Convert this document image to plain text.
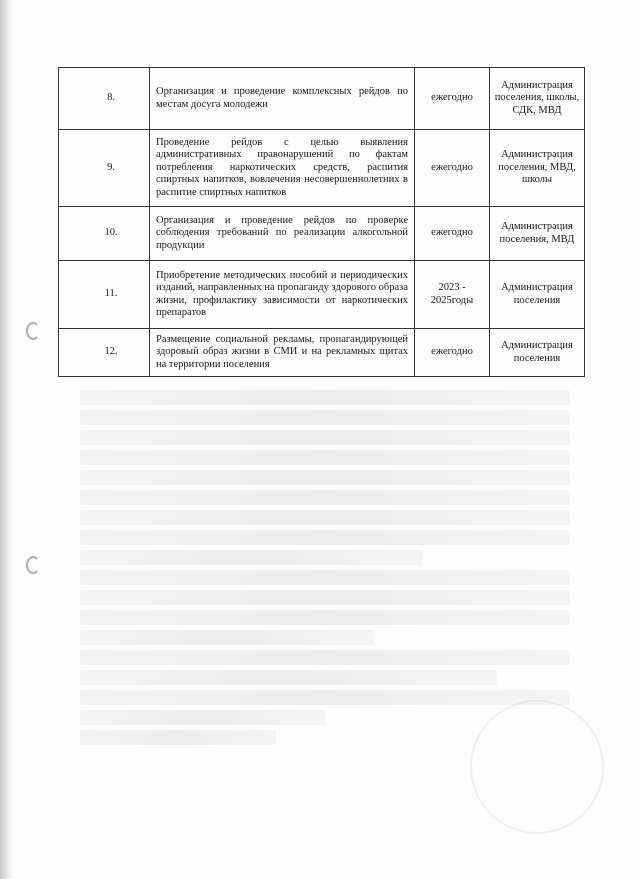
8.	Организация и проведение комплексных рейдов по местам досуга молодежи	ежегодно	Администрация поселения, школы, СДК, МВД
9.	Проведение рейдов с целью выявления административных правонарушений по фактам потребления наркотических средств, распития спиртных напитков, вовлечения несовершеннолетних в распитие спиртных напитков	ежегодно	Администрация поселения, МВД, школы
10.	Организация и проведение рейдов по проверке соблюдения требований по реализации алкогольной продукции	ежегодно	Администрация поселения, МВД
11.	Приобретение методических пособий и периодических изданий, направленных на пропаганду здорового образа жизни, профилактику зависимости от наркотических препаратов	2023 - 2025годы	Администрация поселения
12.	Размещение социальной рекламы, пропагандирующей здоровый образ жизни в СМИ и на рекламных щитах на территории поселения	ежегодно	Администрация поселения
